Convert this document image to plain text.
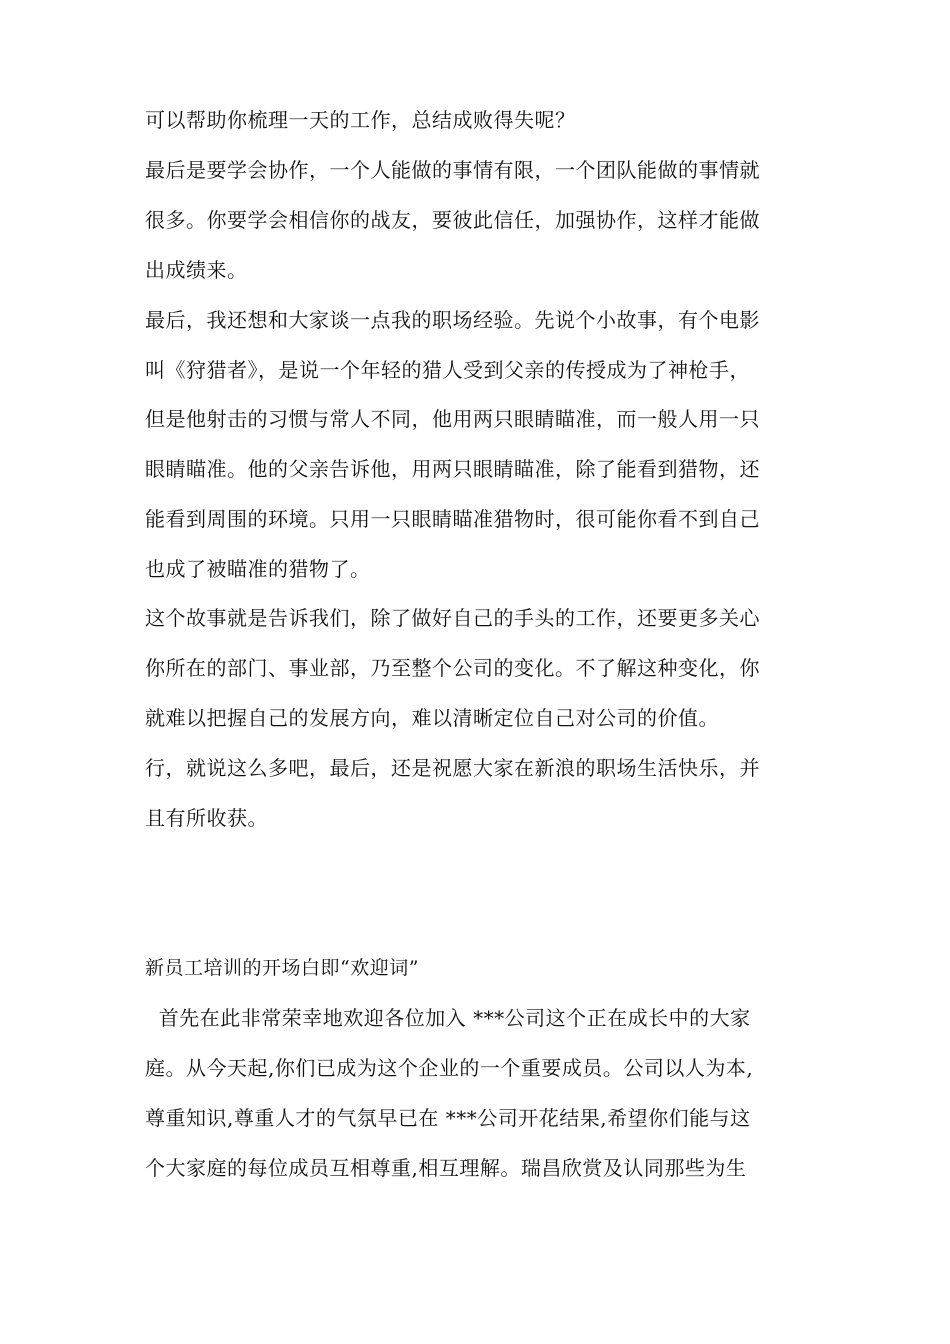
可以帮助你梳理一天的工作，总结成败得失呢？
最后是要学会协作，一个人能做的事情有限，一个团队能做的事情就
很多。你要学会相信你的战友，要彼此信任，加强协作，这样才能做
出成绩来。
最后，我还想和大家谈一点我的职场经验。先说个小故事，有个电影
叫《狩猎者》，是说一个年轻的猎人受到父亲的传授成为了神枪手，
但是他射击的习惯与常人不同，他用两只眼睛瞄准，而一般人用一只
眼睛瞄准。他的父亲告诉他，用两只眼睛瞄准，除了能看到猎物，还
能看到周围的环境。只用一只眼睛瞄准猎物时，很可能你看不到自己
也成了被瞄准的猎物了。
这个故事就是告诉我们，除了做好自己的手头的工作，还要更多关心
你所在的部门、事业部，乃至整个公司的变化。不了解这种变化，你
就难以把握自己的发展方向，难以清晰定位自己对公司的价值。
行，就说这么多吧，最后，还是祝愿大家在新浪的职场生活快乐，并
且有所收获。
新员工培训的开场白即“欢迎词”
首先在此非常荣幸地欢迎各位加入 ***公司这个正在成长中的大家
庭。从今天起,你们已成为这个企业的一个重要成员。公司以人为本,
尊重知识,尊重人才的气氛早已在 ***公司开花结果,希望你们能与这
个大家庭的每位成员互相尊重,相互理解。瑞昌欣赏及认同那些为生
